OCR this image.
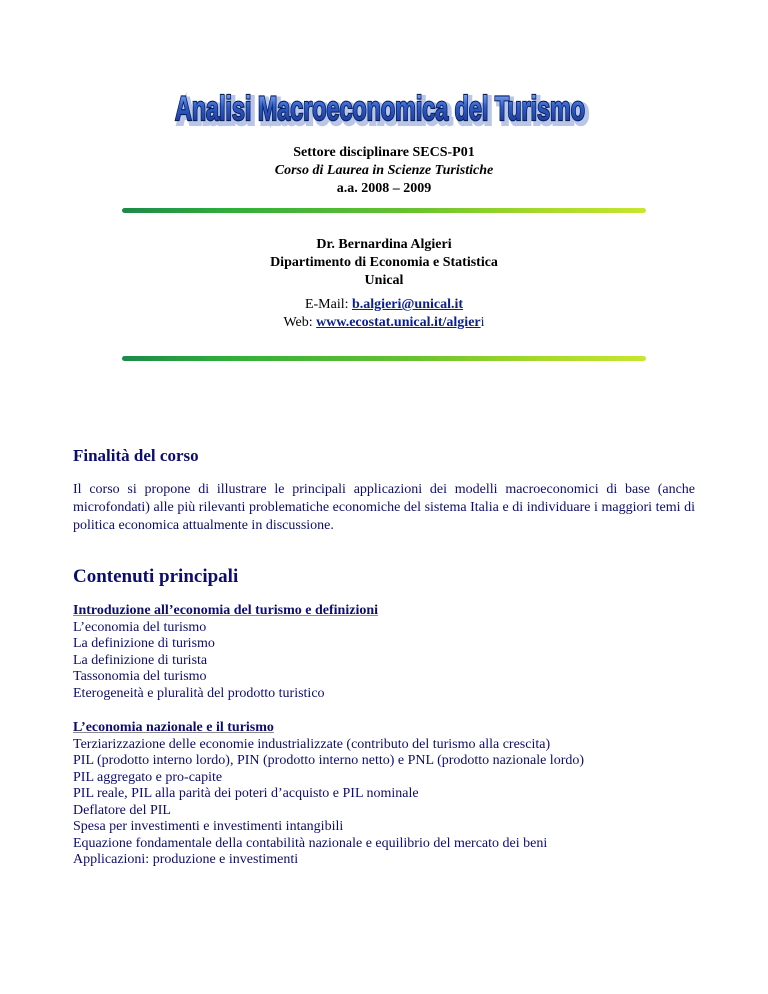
Analisi Macroeconomica del Turismo
Analisi Macroeconomica del Turismo
Settore disciplinare SECS-P01
Corso di Laurea in Scienze Turistiche
a.a. 2008 – 2009
Dr. Bernardina Algieri
Dipartimento di Economia e Statistica
Unical
E-Mail: b.algieri@unical.it
Web: www.ecostat.unical.it/algieri
Finalità del corso
Il corso si propone di illustrare le principali applicazioni dei modelli macroeconomici di base (anche microfondati) alle più rilevanti problematiche economiche del sistema Italia e di individuare i maggiori temi di politica economica attualmente in discussione.
Contenuti principali
Introduzione all’economia del turismo e definizioni
L’economia del turismo
La definizione di turismo
La definizione di turista
Tassonomia del turismo
Eterogeneità e pluralità del prodotto turistico
L’economia nazionale e il turismo
Terziarizzazione delle economie industrializzate (contributo del turismo alla crescita)
PIL (prodotto interno lordo), PIN (prodotto interno netto) e PNL (prodotto nazionale lordo)
PIL aggregato e pro-capite
PIL reale, PIL alla parità dei poteri d’acquisto e PIL nominale
Deflatore del PIL
Spesa per investimenti e investimenti intangibili
Equazione fondamentale della contabilità nazionale e equilibrio del mercato dei beni
Applicazioni: produzione e investimenti
